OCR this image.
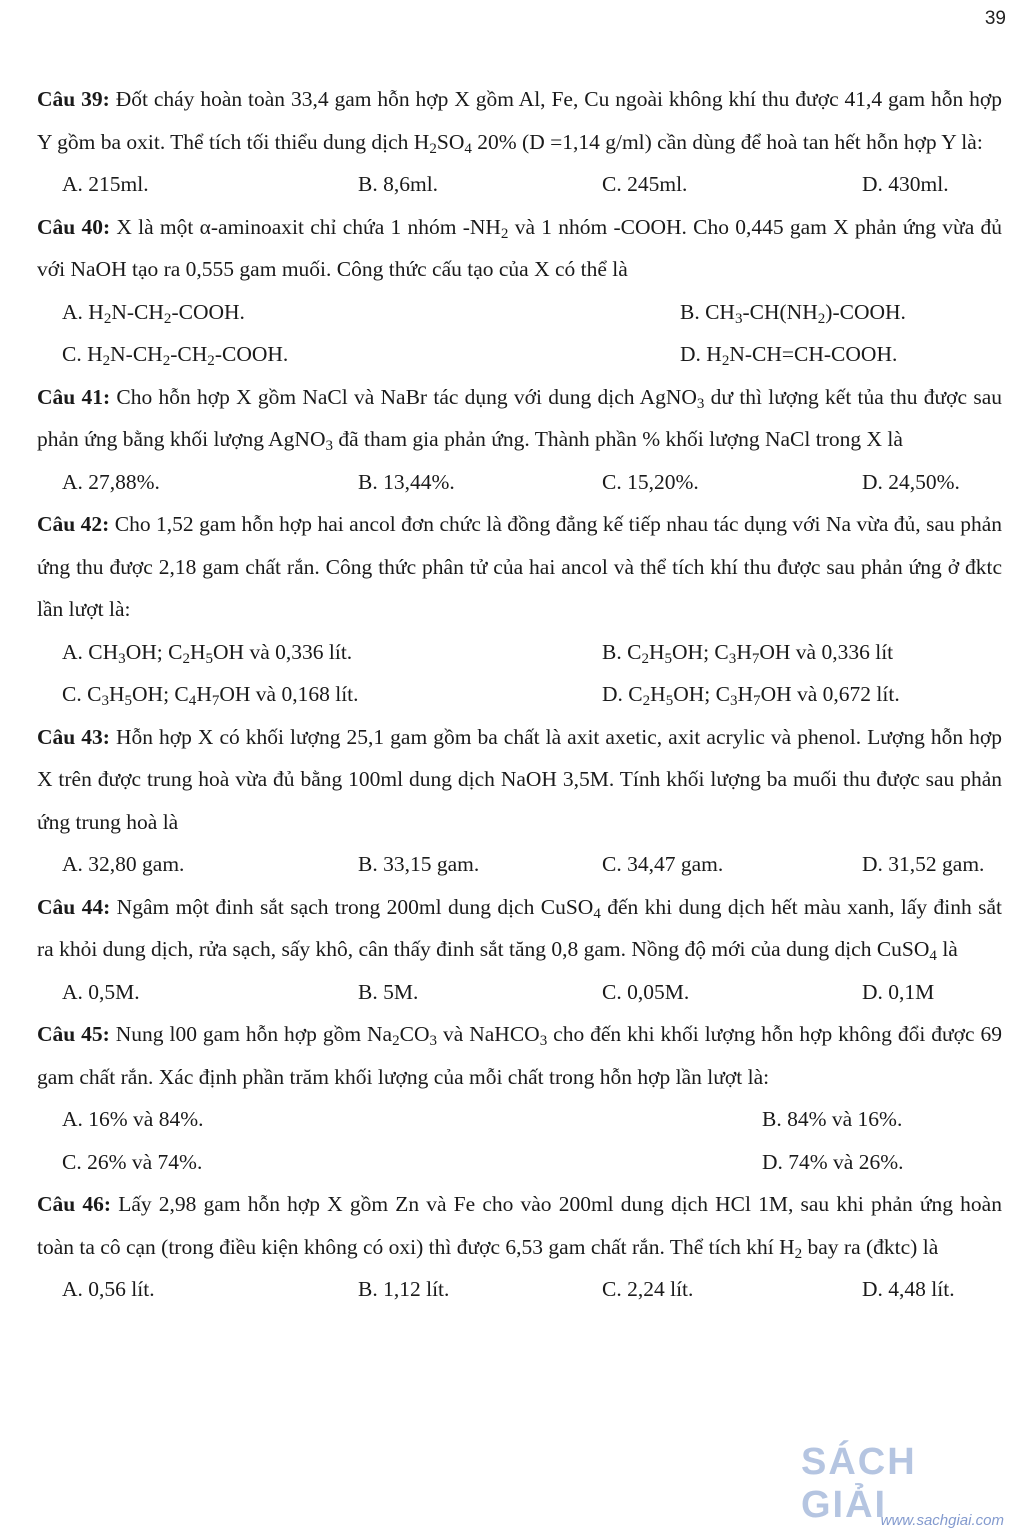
39

Câu 39: Đốt cháy hoàn toàn 33,4 gam hỗn hợp X gồm Al, Fe, Cu ngoài không khí thu được 41,4 gam hỗn hợp Y gồm ba oxit. Thể tích tối thiểu dung dịch $H_2SO_4$ 20% (D =1,14 g/ml) cần dùng để hoà tan hết hỗn hợp Y là:

A. 215ml.	B. 8,6ml.	C. 245ml.	D. 430ml.

Câu 40: X là một α-aminoaxit chỉ chứa 1 nhóm $-NH_2$ và 1 nhóm -COOH. Cho 0,445 gam X phản ứng vừa đủ với NaOH tạo ra 0,555 gam muối. Công thức cấu tạo của X có thể là

A. $H_2N-CH_2$-COOH.	B. $CH_3-CH(NH_2)$-COOH.
C. $H_2N-CH_2-CH_2$-COOH.	D. $H_2N-CH=CH$-COOH.

Câu 41: Cho hỗn hợp X gồm NaCl và NaBr tác dụng với dung dịch AgNO$_3$ dư thì lượng kết tủa thu được sau phản ứng bằng khối lượng AgNO$_3$ đã tham gia phản ứng. Thành phần % khối lượng NaCl trong X là

A. 27,88%.	B. 13,44%.	C. 15,20%.	D. 24,50%.

Câu 42: Cho 1,52 gam hỗn hợp hai ancol đơn chức là đồng đẳng kế tiếp nhau tác dụng với Na vừa đủ, sau phản ứng thu được 2,18 gam chất rắn. Công thức phân tử của hai ancol và thể tích khí thu được sau phản ứng ở đktc lần lượt là:

A. $CH_3OH$; $C_2H_5OH$ và 0,336 lít.	B. $C_2H_5OH$; $C_3H_7OH$ và 0,336 lít
C. $C_3H_5OH$; $C_4H_7OH$ và 0,168 lít.	D. $C_2H_5OH$; $C_3H_7OH$ và 0,672 lít.

Câu 43: Hỗn hợp X có khối lượng 25,1 gam gồm ba chất là axit axetic, axit acrylic và phenol. Lượng hỗn hợp X trên được trung hoà vừa đủ bằng 100ml dung dịch NaOH 3,5M. Tính khối lượng ba muối thu được sau phản ứng trung hoà là

A. 32,80 gam.	B. 33,15 gam.	C. 34,47 gam.	D. 31,52 gam.

Câu 44: Ngâm một đinh sắt sạch trong 200ml dung dịch CuSO$_4$ đến khi dung dịch hết màu xanh, lấy đinh sắt ra khỏi dung dịch, rửa sạch, sấy khô, cân thấy đinh sắt tăng 0,8 gam. Nồng độ mới của dung dịch CuSO$_4$ là

A. 0,5M.	B. 5M.	C. 0,05M.	D. 0,1M

Câu 45: Nung l00 gam hỗn hợp gồm $Na_2CO_3$ và NaHCO$_3$ cho đến khi khối lượng hỗn hợp không đổi được 69 gam chất rắn. Xác định phần trăm khối lượng của mỗi chất trong hỗn hợp lần lượt là:

A. 16% và 84%.	B. 84% và 16%.
C. 26% và 74%.	D. 74% và 26%.

Câu 46: Lấy 2,98 gam hỗn hợp X gồm Zn và Fe cho vào 200ml dung dịch HCl 1M, sau khi phản ứng hoàn toàn ta cô cạn (trong điều kiện không có oxi) thì được 6,53 gam chất rắn. Thể tích khí $H_2$ bay ra (đktc) là

A. 0,56 lít.	B. 1,12 lít.	C. 2,24 lít.	D. 4,48 lít.
SÁCH GIẢI
www.sachgiai.com
